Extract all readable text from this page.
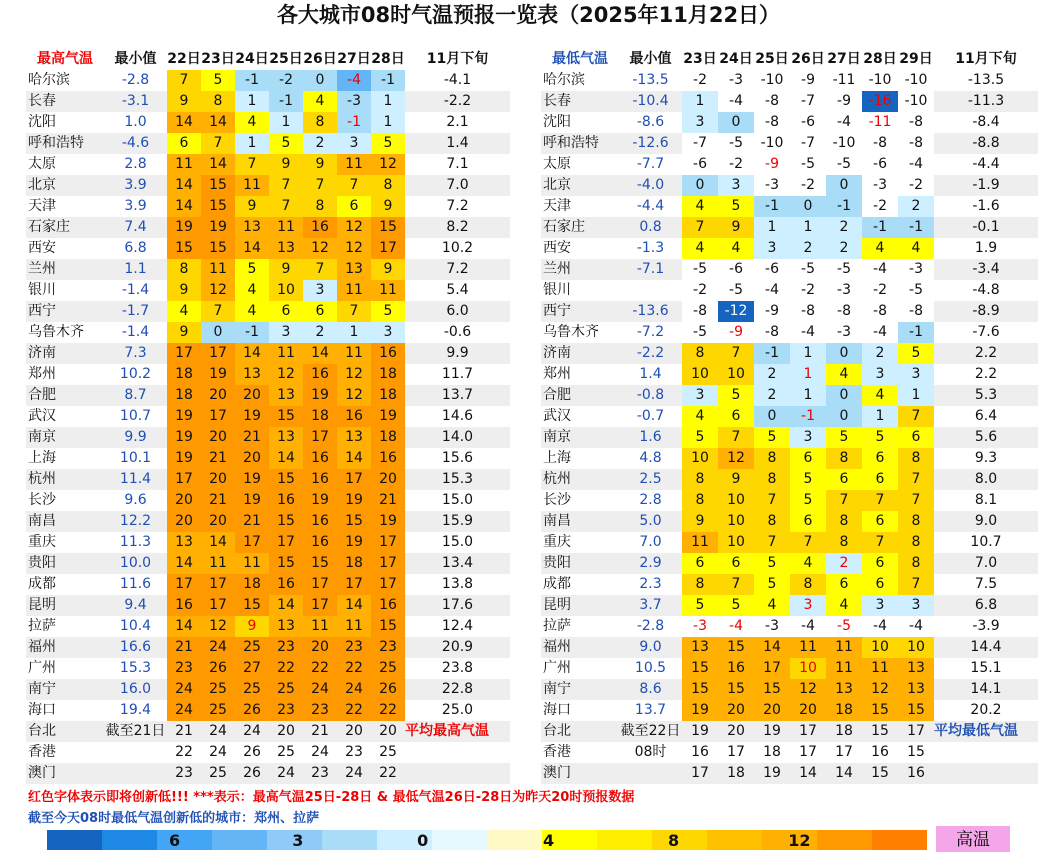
各大城市08时气温预报一览表（2025年11月22日）
最高气温	最小值	22日	23日	24日	25日	26日	27日	28日	11月下旬
哈尔滨	-2.8	7	5	-1	-2	0	-4	-1	-4.1
长春	-3.1	9	8	1	-1	4	-3	1	-2.2
沈阳	1.0	14	14	4	1	8	-1	1	2.1
呼和浩特	-4.6	6	7	1	5	2	3	5	1.4
太原	2.8	11	14	7	9	9	11	12	7.1
北京	3.9	14	15	11	7	7	7	8	7.0
天津	3.9	14	15	9	7	8	6	9	7.2
石家庄	7.4	19	19	13	11	16	12	15	8.2
西安	6.8	15	15	14	13	12	12	17	10.2
兰州	1.1	8	11	5	9	7	13	9	7.2
银川	-1.4	9	12	4	10	3	11	11	5.4
西宁	-1.7	4	7	4	6	6	7	5	6.0
乌鲁木齐	-1.4	9	0	-1	3	2	1	3	-0.6
济南	7.3	17	17	14	11	14	11	16	9.9
郑州	10.2	18	19	13	12	16	12	18	11.7
合肥	8.7	18	20	20	13	19	12	18	13.7
武汉	10.7	19	17	19	15	18	16	19	14.6
南京	9.9	19	20	21	13	17	13	18	14.0
上海	10.1	19	21	20	14	16	14	16	15.6
杭州	11.4	17	20	19	15	16	17	20	15.3
长沙	9.6	20	21	19	16	19	19	21	15.0
南昌	12.2	20	20	21	15	16	15	19	15.9
重庆	11.3	13	14	17	17	16	19	17	15.0
贵阳	10.0	14	11	11	15	15	18	17	13.4
成都	11.6	17	17	18	16	17	17	17	13.8
昆明	9.4	16	17	15	14	17	14	16	17.6
拉萨	10.4	14	12	9	13	11	11	15	12.4
福州	16.6	21	24	25	23	20	23	23	20.9
广州	15.3	23	26	27	22	22	22	25	23.8
南宁	16.0	24	25	25	25	24	24	26	22.8
海口	19.4	24	25	26	23	23	22	22	25.0
台北	截至21日	21	24	24	20	21	20	20	平均最高气温
香港		22	24	26	25	24	23	25	
澳门		23	25	26	24	23	24	22	
最低气温	最小值	23日	24日	25日	26日	27日	28日	29日	11月下旬
哈尔滨	-13.5	-2	-3	-10	-9	-11	-10	-10	-13.5
长春	-10.4	1	-4	-8	-7	-9	-16	-10	-11.3
沈阳	-8.6	3	0	-8	-6	-4	-11	-8	-8.4
呼和浩特	-12.6	-7	-5	-10	-7	-10	-8	-8	-8.8
太原	-7.7	-6	-2	-9	-5	-5	-6	-4	-4.4
北京	-4.0	0	3	-3	-2	0	-3	-2	-1.9
天津	-4.4	4	5	-1	0	-1	-2	2	-1.6
石家庄	0.8	7	9	1	1	2	-1	-1	-0.1
西安	-1.3	4	4	3	2	2	4	4	1.9
兰州	-7.1	-5	-6	-6	-5	-5	-4	-3	-3.4
银川		-2	-5	-4	-2	-3	-2	-5	-4.8
西宁	-13.6	-8	-12	-9	-8	-8	-8	-8	-8.9
乌鲁木齐	-7.2	-5	-9	-8	-4	-3	-4	-1	-7.6
济南	-2.2	8	7	-1	1	0	2	5	2.2
郑州	1.4	10	10	2	1	4	3	3	2.2
合肥	-0.8	3	5	2	1	0	4	1	5.3
武汉	-0.7	4	6	0	-1	0	1	7	6.4
南京	1.6	5	7	5	3	5	5	6	5.6
上海	4.8	10	12	8	6	8	6	8	9.3
杭州	2.5	8	9	8	5	6	6	7	8.0
长沙	2.8	8	10	7	5	7	7	7	8.1
南昌	5.0	9	10	8	6	8	6	8	9.0
重庆	7.0	11	10	7	7	8	7	8	10.7
贵阳	2.9	6	6	5	4	2	6	8	7.0
成都	2.3	8	7	5	8	6	6	7	7.5
昆明	3.7	5	5	4	3	4	3	3	6.8
拉萨	-2.8	-3	-4	-3	-4	-5	-4	-4	-3.9
福州	9.0	13	15	14	11	11	10	10	14.4
广州	10.5	15	16	17	10	11	11	13	15.1
南宁	8.6	15	15	15	12	13	12	13	14.1
海口	13.7	19	20	20	20	18	15	15	20.2
台北	截至22日	19	20	19	17	18	15	17	平均最低气温
香港	08时	16	17	18	17	17	16	15	
澳门		17	18	19	14	14	15	16	
红色字体表示即将创新低!!! ***表示：最高气温25日-28日 & 最低气温26日-28日为昨天20时预报数据
截至今天08时最低气温创新低的城市：郑州、拉萨
6	3	0	4	8	12	高温
